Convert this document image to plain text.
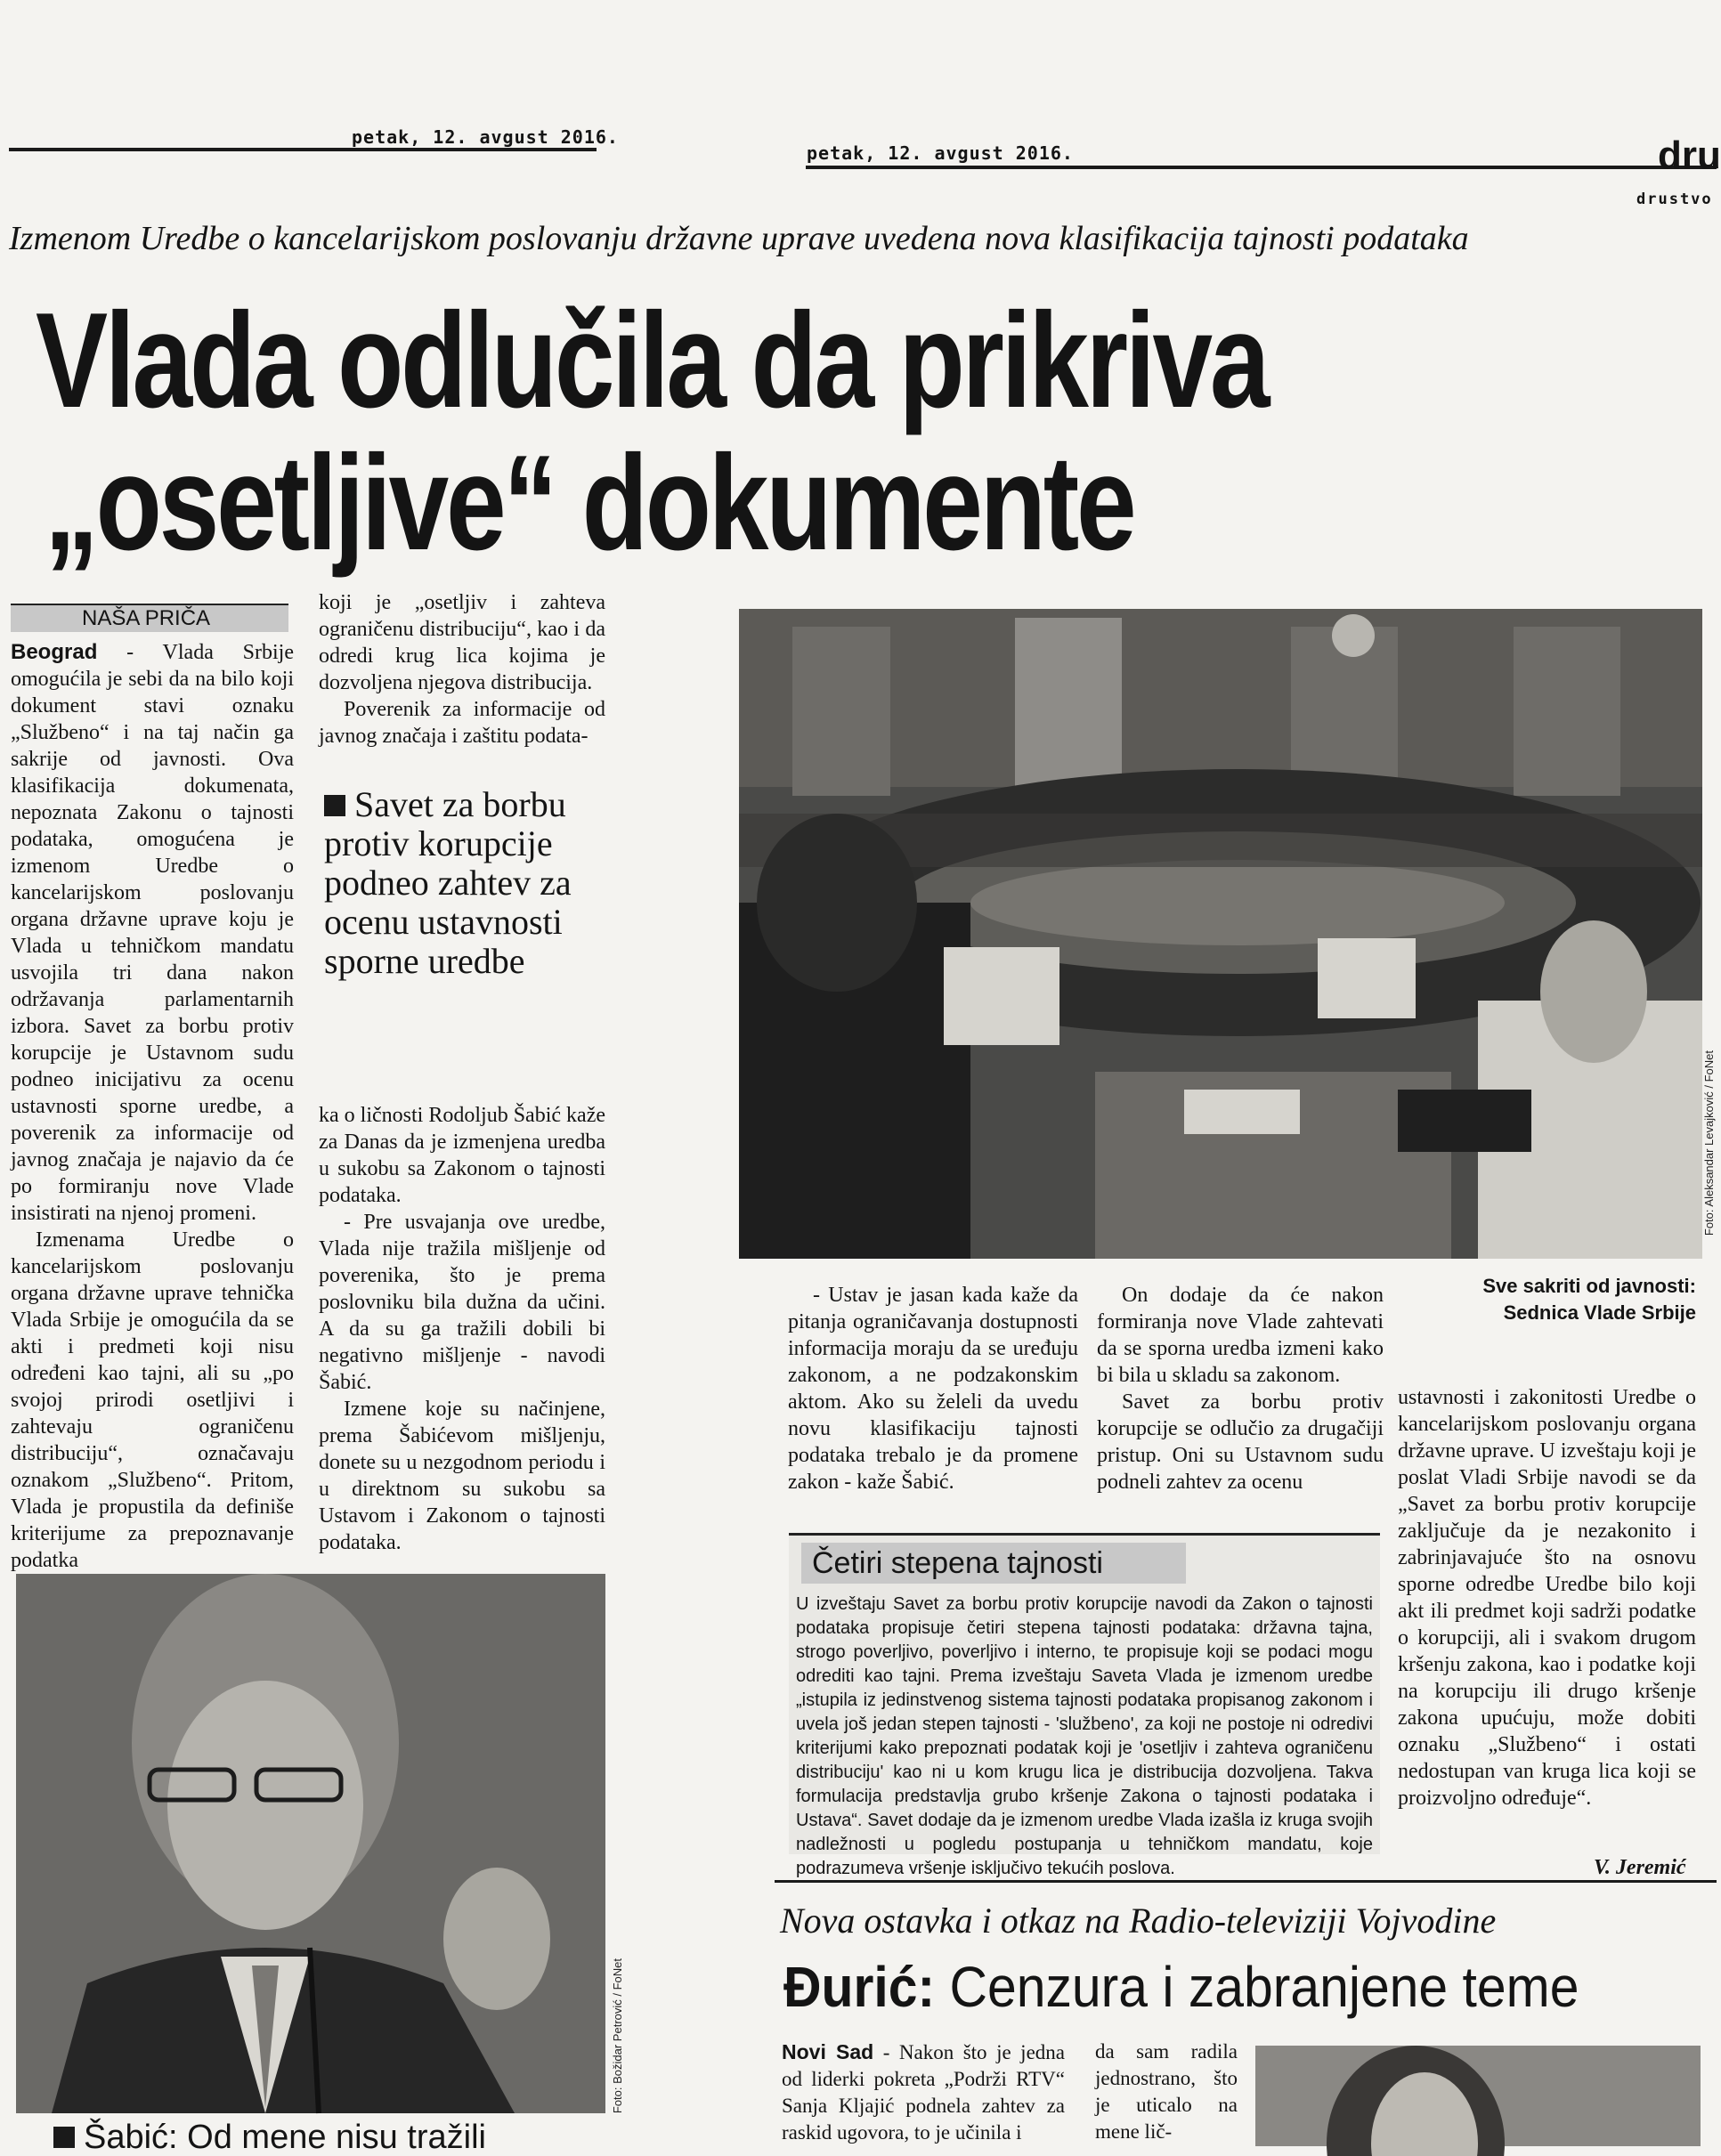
petak, 12. avgust 2016.
petak, 12. avgust 2016.	dru
drustvo
Izmenom Uredbe o kancelarijskom poslovanju državne uprave uvedena nova klasifikacija tajnosti podataka
Vlada odlučila da prikriva
„osetljive“ dokumente
NAŠA PRIČA

Beograd - Vlada Srbije omogućila je sebi da na bilo koji dokument stavi oznaku „Službeno“ i na taj način ga sakrije od javnosti. Ova klasifikacija dokumenata, nepoznata Zakonu o tajnosti podataka, omogućena je izmenom Uredbe o kancelarijskom poslovanju organa državne uprave koju je Vlada u tehničkom mandatu usvojila tri dana nakon održavanja parlamentarnih izbora. Savet za borbu protiv korupcije je Ustavnom sudu podneo inicijativu za ocenu ustavnosti sporne uredbe, a poverenik za informacije od javnog značaja je najavio da će po formiranju nove Vlade insistirati na njenoj promeni.

Izmenama Uredbe o kancelarijskom poslovanju organa državne uprave tehnička Vlada Srbije je omogućila da se akti i predmeti koji nisu određeni kao tajni, ali su „po svojoj prirodi osetljivi i zahtevaju ograničenu distribuciju“, označavaju oznakom „Službeno“. Pritom, Vlada je propustila da definiše kriterijume za prepoznavanje podatka

koji je „osetljiv i zahteva ograničenu distribuciju“, kao i da odredi krug lica kojima je dozvoljena njegova distribucija.

Poverenik za informacije od javnog značaja i zaštitu podata-

Savet za borbu protiv korupcije podneo zahtev za ocenu ustavnosti sporne uredbe

ka o ličnosti Rodoljub Šabić kaže za Danas da je izmenjena uredba u sukobu sa Zakonom o tajnosti podataka.

- Pre usvajanja ove uredbe, Vlada nije tražila mišljenje od poverenika, što je prema poslovniku bila dužna da učini. A da su ga tražili dobili bi negativno mišljenje - navodi Šabić.

Izmene koje su načinjene, prema Šabićevom mišljenju, donete su u nezgodnom periodu i u direktnom su sukobu sa Ustavom i Zakonom o tajnosti podataka.

Foto: Aleksandar Levajković / FoNet
Sve sakriti od javnosti:
Sednica Vlade Srbije

- Ustav je jasan kada kaže da pitanja ograničavanja dostupnosti informacija moraju da se uređuju zakonom, a ne podzakonskim aktom. Ako su želeli da uvedu novu klasifikaciju tajnosti podataka trebalo je da promene zakon - kaže Šabić.

On dodaje da će nakon formiranja nove Vlade zahtevati da se sporna uredba izmeni kako bi bila u skladu sa zakonom.

Savet za borbu protiv korupcije se odlučio za drugačiji pristup. Oni su Ustavnom sudu podneli zahtev za ocenu

ustavnosti i zakonitosti Uredbe o kancelarijskom poslovanju organa državne uprave. U izveštaju koji je poslat Vladi Srbije navodi se da „Savet za borbu protiv korupcije zaključuje da je nezakonito i zabrinjavajuće što na osnovu sporne odredbe Uredbe bilo koji akt ili predmet koji sadrži podatke o korupciji, ali i svakom drugom kršenju zakona, kao i podatke koji na korupciju ili drugo kršenje zakona upućuju, može dobiti oznaku „Službeno“ i ostati nedostupan van kruga lica koji se proizvoljno određuje“.

V. Jeremić
Četiri stepena tajnosti
U izveštaju Savet za borbu protiv korupcije navodi da Zakon o tajnosti podataka propisuje četiri stepena tajnosti podataka: državna tajna, strogo poverljivo, poverljivo i interno, te propisuje koji se podaci mogu odrediti kao tajni. Prema izveštaju Saveta Vlada je izmenom uredbe „istupila iz jedinstvenog sistema tajnosti podataka propisanog zakonom i uvela još jedan stepen tajnosti - 'službeno', za koji ne postoje ni odredivi kriterijumi kako prepoznati podatak koji je 'osetljiv i zahteva ograničenu distribuciju' kao ni u kom krugu lica je distribucija dozvoljena. Takva formulacija predstavlja grubo kršenje Zakona o tajnosti podataka i Ustava“. Savet dodaje da je izmenom uredbe Vlada izašla iz kruga svojih nadležnosti u pogledu postupanja u tehničkom mandatu, koje podrazumeva vršenje isključivo tekućih poslova.
Foto: Božidar Petrović / FoNet
Šabić: Od mene nisu tražili
Nova ostavka i otkaz na Radio-televiziji Vojvodine
Đurić: Cenzura i zabranjene teme

Novi Sad - Nakon što je jedna od liderki pokreta „Podrži RTV“ Sanja Kljajić podnela zahtev za raskid ugovora, to je učinila i

da sam radila jednostrano, što je uticalo na mene lič-
